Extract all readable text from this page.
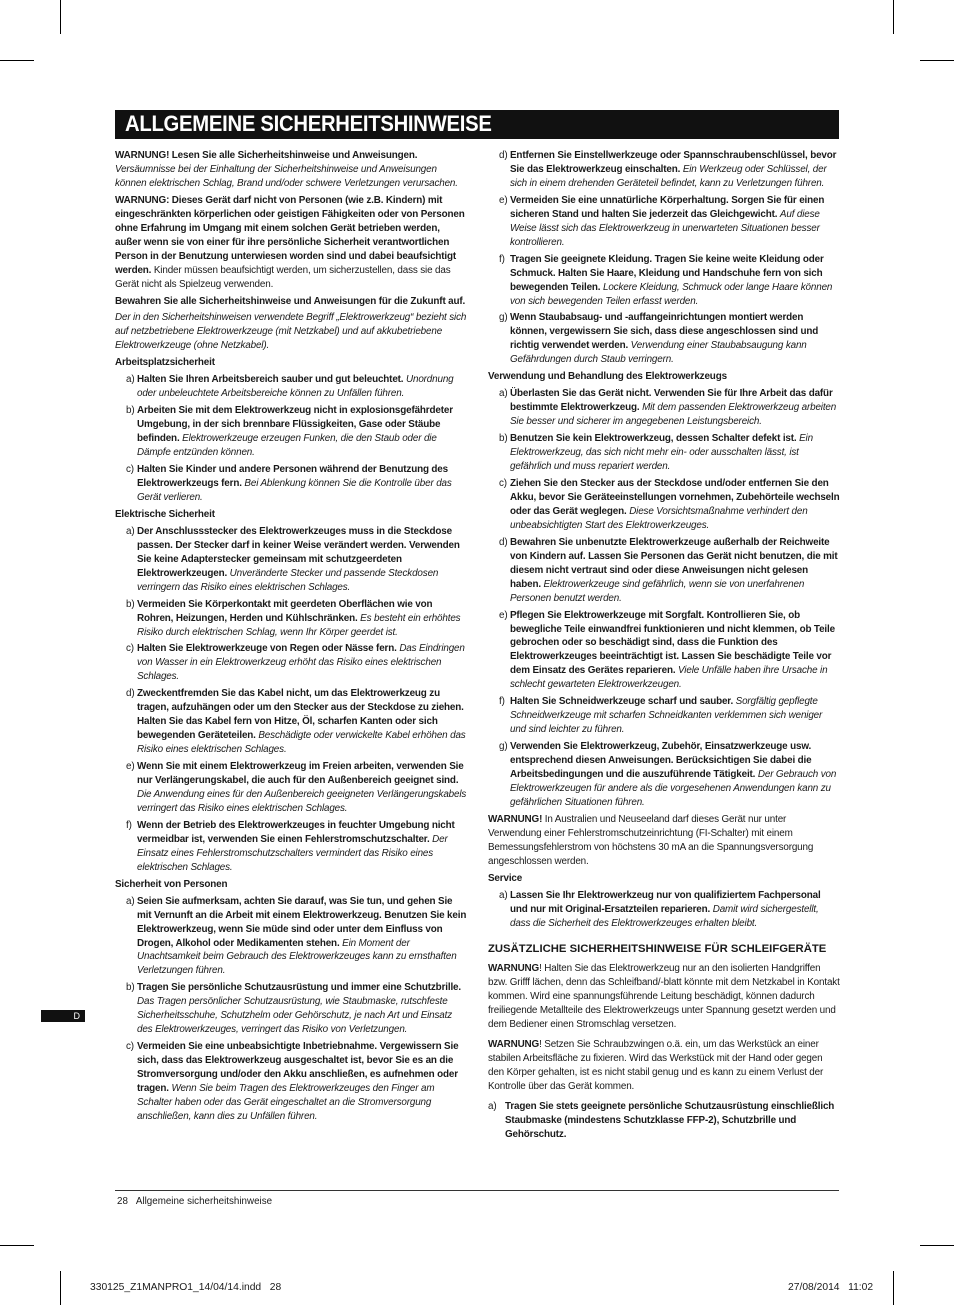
ALLGEMEINE SICHERHEITSHINWEISE

WARNUNG! Lesen Sie alle Sicherheitshinweise und Anweisungen.
Versäumnisse bei der Einhaltung der Sicherheitshinweise und Anweisungen können elektrischen Schlag, Brand und/oder schwere Verletzungen verursachen.

WARNUNG: Dieses Gerät darf nicht von Personen (wie z.B. Kindern) mit eingeschränkten körperlichen oder geistigen Fähigkeiten oder von Personen ohne Erfahrung im Umgang mit einem solchen Gerät betrieben werden, außer wenn sie von einer für ihre persönliche Sicherheit verantwortlichen Person in der Benutzung unterwiesen worden sind und dabei beaufsichtigt werden. Kinder müssen beaufsichtigt werden, um sicherzustellen, dass sie das Gerät nicht als Spielzeug verwenden.

Bewahren Sie alle Sicherheitshinweise und Anweisungen für die Zukunft auf.

Der in den Sicherheitshinweisen verwendete Begriff „Elektrowerkzeug“ bezieht sich auf netzbetriebene Elektrowerkzeuge (mit Netzkabel) und auf akkubetriebene Elektrowerkzeuge (ohne Netzkabel).

Arbeitsplatzsicherheit
a) Halten Sie Ihren Arbeitsbereich sauber und gut beleuchtet. Unordnung oder unbeleuchtete Arbeitsbereiche können zu Unfällen führen.
b) Arbeiten Sie mit dem Elektrowerkzeug nicht in explosionsgefährdeter Umgebung, in der sich brennbare Flüssigkeiten, Gase oder Stäube befinden. Elektrowerkzeuge erzeugen Funken, die den Staub oder die Dämpfe entzünden können.
c) Halten Sie Kinder und andere Personen während der Benutzung des Elektrowerkzeugs fern. Bei Ablenkung können Sie die Kontrolle über das Gerät verlieren.
Elektrische Sicherheit
a) Der Anschlussstecker des Elektrowerkzeuges muss in die Steckdose passen. Der Stecker darf in keiner Weise verändert werden. Verwenden Sie keine Adapterstecker gemeinsam mit schutzgeerdeten Elektrowerkzeugen. Unveränderte Stecker und passende Steckdosen verringern das Risiko eines elektrischen Schlages.
b) Vermeiden Sie Körperkontakt mit geerdeten Oberflächen wie von Rohren, Heizungen, Herden und Kühlschränken. Es besteht ein erhöhtes Risiko durch elektrischen Schlag, wenn Ihr Körper geerdet ist.
c) Halten Sie Elektrowerkzeuge von Regen oder Nässe fern. Das Eindringen von Wasser in ein Elektrowerkzeug erhöht das Risiko eines elektrischen Schlages.
d) Zweckentfremden Sie das Kabel nicht, um das Elektrowerkzeug zu tragen, aufzuhängen oder um den Stecker aus der Steckdose zu ziehen. Halten Sie das Kabel fern von Hitze, Öl, scharfen Kanten oder sich bewegenden Geräteteilen. Beschädigte oder verwickelte Kabel erhöhen das Risiko eines elektrischen Schlages.
e) Wenn Sie mit einem Elektrowerkzeug im Freien arbeiten, verwenden Sie nur Verlängerungskabel, die auch für den Außenbereich geeignet sind. Die Anwendung eines für den Außenbereich geeigneten Verlängerungskabels verringert das Risiko eines elektrischen Schlages.
f) Wenn der Betrieb des Elektrowerkzeuges in feuchter Umgebung nicht vermeidbar ist, verwenden Sie einen Fehlerstromschutzschalter. Der Einsatz eines Fehlerstromschutzschalters vermindert das Risiko eines elektrischen Schlages.
Sicherheit von Personen
a) Seien Sie aufmerksam, achten Sie darauf, was Sie tun, und gehen Sie mit Vernunft an die Arbeit mit einem Elektrowerkzeug. Benutzen Sie kein Elektrowerkzeug, wenn Sie müde sind oder unter dem Einfluss von Drogen, Alkohol oder Medikamenten stehen. Ein Moment der Unachtsamkeit beim Gebrauch des Elektrowerkzeuges kann zu ernsthaften Verletzungen führen.
b) Tragen Sie persönliche Schutzausrüstung und immer eine Schutzbrille. Das Tragen persönlicher Schutzausrüstung, wie Staubmaske, rutschfeste Sicherheitsschuhe, Schutzhelm oder Gehörschutz, je nach Art und Einsatz des Elektrowerkzeuges, verringert das Risiko von Verletzungen.
c) Vermeiden Sie eine unbeabsichtigte Inbetriebnahme. Vergewissern Sie sich, dass das Elektrowerkzeug ausgeschaltet ist, bevor Sie es an die Stromversorgung und/oder den Akku anschließen, es aufnehmen oder tragen. Wenn Sie beim Tragen des Elektrowerkzeuges den Finger am Schalter haben oder das Gerät eingeschaltet an die Stromversorgung anschließen, kann dies zu Unfällen führen.
d) Entfernen Sie Einstellwerkzeuge oder Spannschraubenschlüssel, bevor Sie das Elektrowerkzeug einschalten. Ein Werkzeug oder Schlüssel, der sich in einem drehenden Geräteteil befindet, kann zu Verletzungen führen.
e) Vermeiden Sie eine unnatürliche Körperhaltung. Sorgen Sie für einen sicheren Stand und halten Sie jederzeit das Gleichgewicht. Auf diese Weise lässt sich das Elektrowerkzeug in unerwarteten Situationen besser kontrollieren.
f) Tragen Sie geeignete Kleidung. Tragen Sie keine weite Kleidung oder Schmuck. Halten Sie Haare, Kleidung und Handschuhe fern von sich bewegenden Teilen. Lockere Kleidung, Schmuck oder lange Haare können von sich bewegenden Teilen erfasst werden.
g) Wenn Staubabsaug- und -auffangeinrichtungen montiert werden können, vergewissern Sie sich, dass diese angeschlossen sind und richtig verwendet werden. Verwendung einer Staubabsaugung kann Gefährdungen durch Staub verringern.
Verwendung und Behandlung des Elektrowerkzeugs
a) Überlasten Sie das Gerät nicht. Verwenden Sie für Ihre Arbeit das dafür bestimmte Elektrowerkzeug. Mit dem passenden Elektrowerkzeug arbeiten Sie besser und sicherer im angegebenen Leistungsbereich.
b) Benutzen Sie kein Elektrowerkzeug, dessen Schalter defekt ist. Ein Elektrowerkzeug, das sich nicht mehr ein- oder ausschalten lässt, ist gefährlich und muss repariert werden.
c) Ziehen Sie den Stecker aus der Steckdose und/oder entfernen Sie den Akku, bevor Sie Geräteeinstellungen vornehmen, Zubehörteile wechseln oder das Gerät weglegen. Diese Vorsichtsmaßnahme verhindert den unbeabsichtigten Start des Elektrowerkzeuges.
d) Bewahren Sie unbenutzte Elektrowerkzeuge außerhalb der Reichweite von Kindern auf. Lassen Sie Personen das Gerät nicht benutzen, die mit diesem nicht vertraut sind oder diese Anweisungen nicht gelesen haben. Elektrowerkzeuge sind gefährlich, wenn sie von unerfahrenen Personen benutzt werden.
e) Pflegen Sie Elektrowerkzeuge mit Sorgfalt. Kontrollieren Sie, ob bewegliche Teile einwandfrei funktionieren und nicht klemmen, ob Teile gebrochen oder so beschädigt sind, dass die Funktion des Elektrowerkzeuges beeinträchtigt ist. Lassen Sie beschädigte Teile vor dem Einsatz des Gerätes reparieren. Viele Unfälle haben ihre Ursache in schlecht gewarteten Elektrowerkzeugen.
f) Halten Sie Schneidwerkzeuge scharf und sauber. Sorgfältig gepflegte Schneidwerkzeuge mit scharfen Schneidkanten verklemmen sich weniger und sind leichter zu führen.
g) Verwenden Sie Elektrowerkzeug, Zubehör, Einsatzwerkzeuge usw. entsprechend diesen Anweisungen. Berücksichtigen Sie dabei die Arbeitsbedingungen und die auszuführende Tätigkeit. Der Gebrauch von Elektrowerkzeugen für andere als die vorgesehenen Anwendungen kann zu gefährlichen Situationen führen.

WARNUNG! In Australien und Neuseeland darf dieses Gerät nur unter Verwendung einer Fehlerstromschutzeinrichtung (FI-Schalter) mit einem Bemessungsfehlerstrom von höchstens 30 mA an die Spannungsversorgung angeschlossen werden.

Service
a) Lassen Sie Ihr Elektrowerkzeug nur von qualifiziertem Fachpersonal und nur mit Original-Ersatzteilen reparieren. Damit wird sichergestellt, dass die Sicherheit des Elektrowerkzeuges erhalten bleibt.
ZUSÄTZLICHE SICHERHEITSHINWEISE FÜR SCHLEIFGERÄTE

WARNUNG! Halten Sie das Elektrowerkzeug nur an den isolierten Handgriffen bzw. Grifff lächen, denn das Schleifband/-blatt könnte mit dem Netzkabel in Kontakt kommen. Wird eine spannungsführende Leitung beschädigt, können dadurch freiliegende Metallteile des Elektrowerkzeugs unter Spannung gesetzt werden und dem Bediener einen Stromschlag versetzen.

WARNUNG! Setzen Sie Schraubzwingen o.ä. ein, um das Werkstück an einer stabilen Arbeitsfläche zu fixieren. Wird das Werkstück mit der Hand oder gegen den Körper gehalten, ist es nicht stabil genug und es kann zu einem Verlust der Kontrolle über das Gerät kommen.

a) Tragen Sie stets geeignete persönliche Schutzausrüstung einschließlich Staubmaske (mindestens Schutzklasse FFP-2), Schutzbrille und Gehörschutz.
D
28 Allgemeine sicherheitshinweise
330125_Z1MANPRO1_14/04/14.indd   28	27/08/2014   11:02
